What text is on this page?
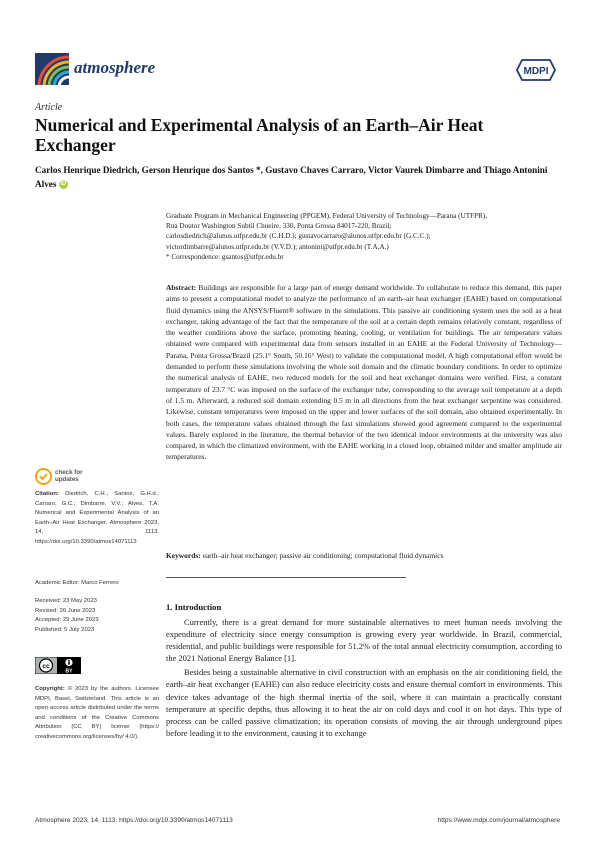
atmosphere	MDPI
Article
Numerical and Experimental Analysis of an Earth–Air Heat Exchanger
Carlos Henrique Diedrich, Gerson Henrique dos Santos *, Gustavo Chaves Carraro, Victor Vaurek Dimbarre and Thiago Antonini Alves iD
Graduate Program in Mechanical Engineering (PPGEM), Federal University of Technology—Parana (UTFPR),
Rua Doutor Washington Subtil Chueire, 330, Ponta Grossa 84017-220, Brazil;
carlosdiedrich@alunos.utfpr.edu.br (C.H.D.); gustavocarraro@alunos.utfpr.edu.br (G.C.C.);
victordimbarre@alunos.utfpr.edu.br (V.V.D.); antonini@utfpr.edu.br (T.A.A.)
* Correspondence: gsantos@utfpr.edu.br
Abstract: Buildings are responsible for a large part of energy demand worldwide. To collaborate to reduce this demand, this paper aims to present a computational model to analyze the performance of an earth–air heat exchanger (EAHE) based on computational fluid dynamics using the ANSYS/Fluent® software in the simulations. This passive air conditioning system uses the soil as a heat exchanger, taking advantage of the fact that the temperature of the soil at a certain depth remains relatively constant, regardless of the weather conditions above the surface, promoting heating, cooling, or ventilation for buildings. The air temperature values obtained were compared with experimental data from sensors installed in an EAHE at the Federal University of Technology—Parana, Ponta Grossa/Brazil (25.1° South, 50.16° West) to validate the computational model. A high computational effort would be demanded to perform these simulations involving the whole soil domain and the climatic boundary conditions. In order to optimize the numerical analysis of EAHE, two reduced models for the soil and heat exchanger domains were verified. First, a constant temperature of 23.7 °C was imposed on the surface of the exchanger tube, corresponding to the average soil temperature at a depth of 1.5 m. Afterward, a reduced soil domain extending 0.5 m in all directions from the heat exchanger serpentine was considered. Likewise, constant temperatures were imposed on the upper and lower surfaces of the soil domain, also obtained experimentally. In both cases, the temperature values obtained through the fast simulations showed good agreement compared to the experimental values. Barely explored in the literature, the thermal behavior of the two identical indoor environments at the university was also compared, in which the climatized environment, with the EAHE working in a closed loop, obtained milder and smaller amplitude air temperatures.
Keywords: earth–air heat exchanger; passive air conditioning; computational fluid dynamics
1. Introduction

Currently, there is a great demand for more sustainable alternatives to meet human needs involving the expenditure of electricity since energy consumption is growing every year worldwide. In Brazil, commercial, residential, and public buildings were responsible for 51.2% of the total annual electricity consumption, according to the 2021 National Energy Balance [1].

Besides being a sustainable alternative in civil construction with an emphasis on the air conditioning field, the earth–air heat exchanger (EAHE) can also reduce electricity costs and ensure thermal comfort in environments. This device takes advantage of the high thermal inertia of the soil, where it can maintain a practically constant temperature at specific depths, thus allowing it to heat the air on cold days and cool it on hot days. This type of process can be called passive climatization; its operation consists of moving the air through underground pipes before leading it to the environment, causing it to exchange

check for
updates
Citation: Diedrich, C.H.; Santos, G.H.d.; Carraro, G.C.; Dimbarre, V.V.; Alves, T.A. Numerical and Experimental Analysis of an Earth–Air Heat Exchanger. Atmosphere 2023, 14, 1113. https://doi.org/10.3390/atmos14071113
Academic Editor: Marco Ferrero
Received: 23 May 2023
Revised: 26 June 2023
Accepted: 29 June 2023
Published: 5 July 2023
cc
BY
Copyright: © 2023 by the authors. Licensee MDPI, Basel, Switzerland. This article is an open access article distributed under the terms and conditions of the Creative Commons Attribution (CC BY) license (https:// creativecommons.org/licenses/by/ 4.0/).
Atmosphere 2023, 14, 1113. https://doi.org/10.3390/atmos14071113	https://www.mdpi.com/journal/atmosphere
